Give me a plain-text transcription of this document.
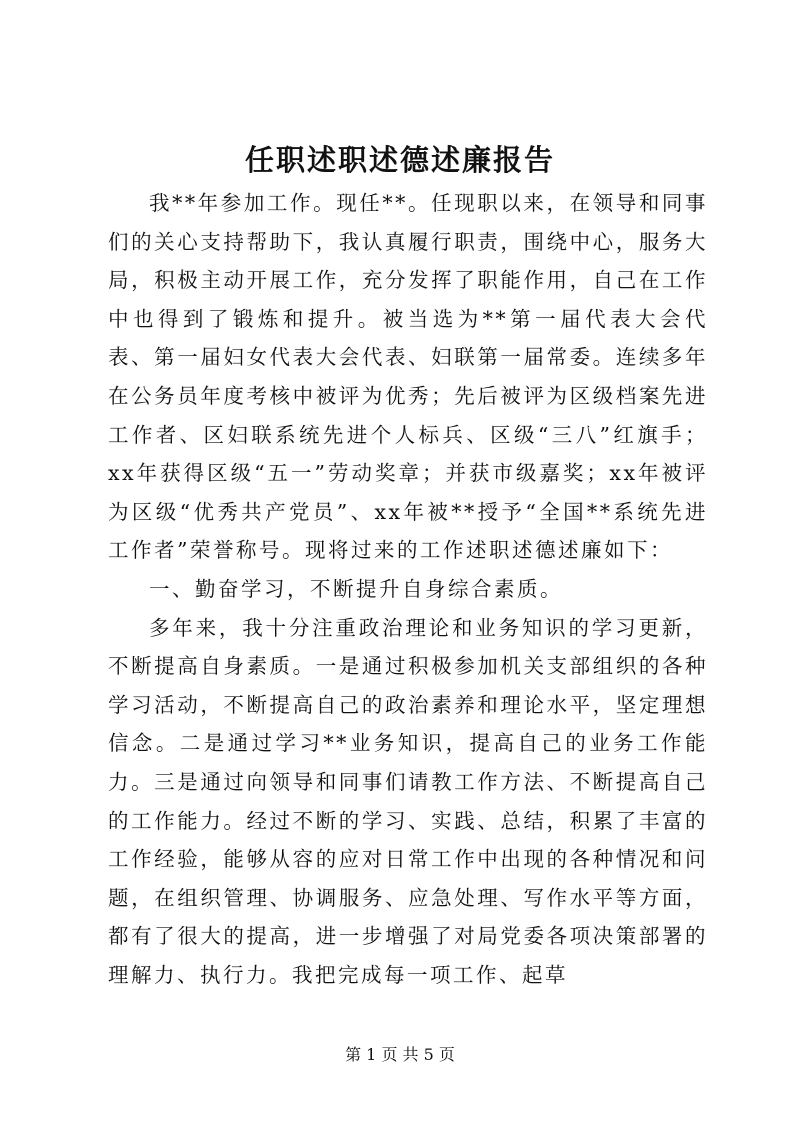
任职述职述德述廉报告

我**年参加工作。现任**。任现职以来，在领导和同事们的关心支持帮助下，我认真履行职责，围绕中心，服务大局，积极主动开展工作，充分发挥了职能作用，自己在工作中也得到了锻炼和提升。被当选为**第一届代表大会代表、第一届妇女代表大会代表、妇联第一届常委。连续多年在公务员年度考核中被评为优秀；先后被评为区级档案先进工作者、区妇联系统先进个人标兵、区级“三八”红旗手；xx年获得区级“五一”劳动奖章；并获市级嘉奖；xx年被评为区级“优秀共产党员”、xx年被**授予“全国**系统先进工作者”荣誉称号。现将过来的工作述职述德述廉如下：

一、勤奋学习，不断提升自身综合素质。

多年来，我十分注重政治理论和业务知识的学习更新，不断提高自身素质。一是通过积极参加机关支部组织的各种学习活动，不断提高自己的政治素养和理论水平，坚定理想信念。二是通过学习**业务知识，提高自己的业务工作能力。三是通过向领导和同事们请教工作方法、不断提高自己的工作能力。经过不断的学习、实践、总结，积累了丰富的工作经验，能够从容的应对日常工作中出现的各种情况和问题，在组织管理、协调服务、应急处理、写作水平等方面，都有了很大的提高，进一步增强了对局党委各项决策部署的理解力、执行力。我把完成每一项工作、起草

第 1 页 共 5 页
